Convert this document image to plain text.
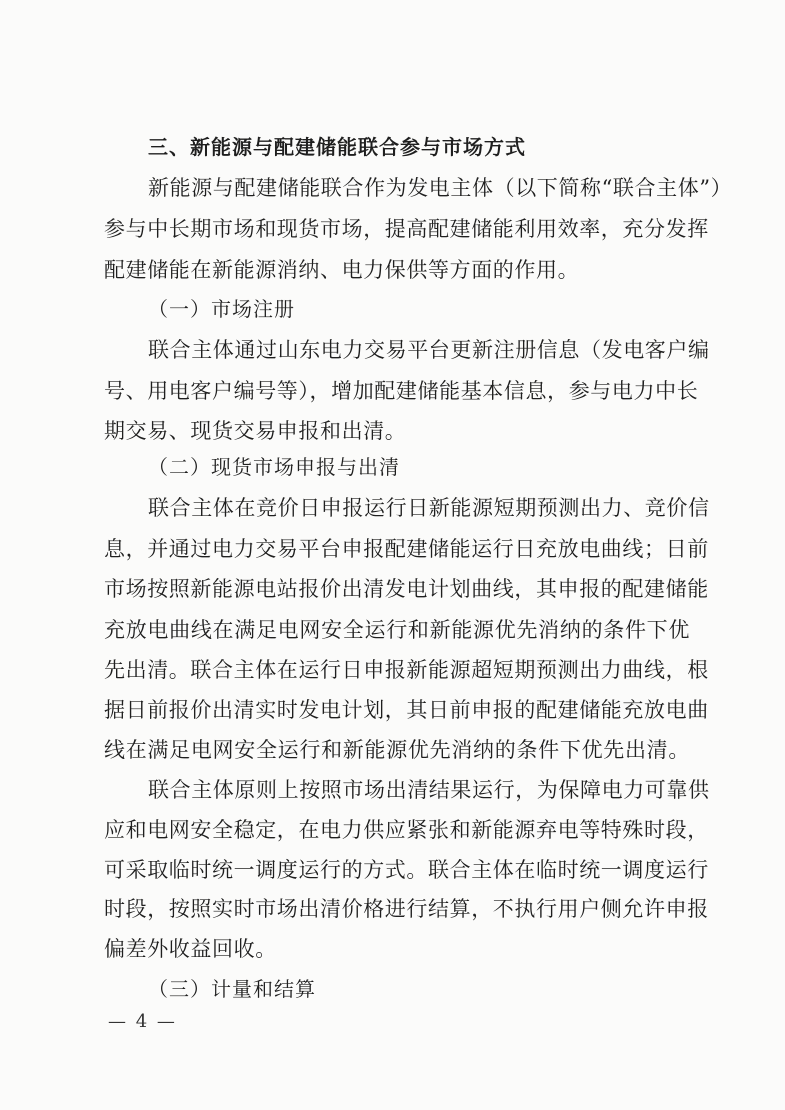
三、新能源与配建储能联合参与市场方式
新能源与配建储能联合作为发电主体（以下简称“联合主体”）
参与中长期市场和现货市场，提高配建储能利用效率，充分发挥
配建储能在新能源消纳、电力保供等方面的作用。
（一）市场注册
联合主体通过山东电力交易平台更新注册信息（发电客户编
号、用电客户编号等），增加配建储能基本信息，参与电力中长
期交易、现货交易申报和出清。
（二）现货市场申报与出清
联合主体在竞价日申报运行日新能源短期预测出力、竞价信
息，并通过电力交易平台申报配建储能运行日充放电曲线；日前
市场按照新能源电站报价出清发电计划曲线，其申报的配建储能
充放电曲线在满足电网安全运行和新能源优先消纳的条件下优
先出清。联合主体在运行日申报新能源超短期预测出力曲线，根
据日前报价出清实时发电计划，其日前申报的配建储能充放电曲
线在满足电网安全运行和新能源优先消纳的条件下优先出清。
联合主体原则上按照市场出清结果运行，为保障电力可靠供
应和电网安全稳定，在电力供应紧张和新能源弃电等特殊时段，
可采取临时统一调度运行的方式。联合主体在临时统一调度运行
时段，按照实时市场出清价格进行结算，不执行用户侧允许申报
偏差外收益回收。
（三）计量和结算
— 4 —
